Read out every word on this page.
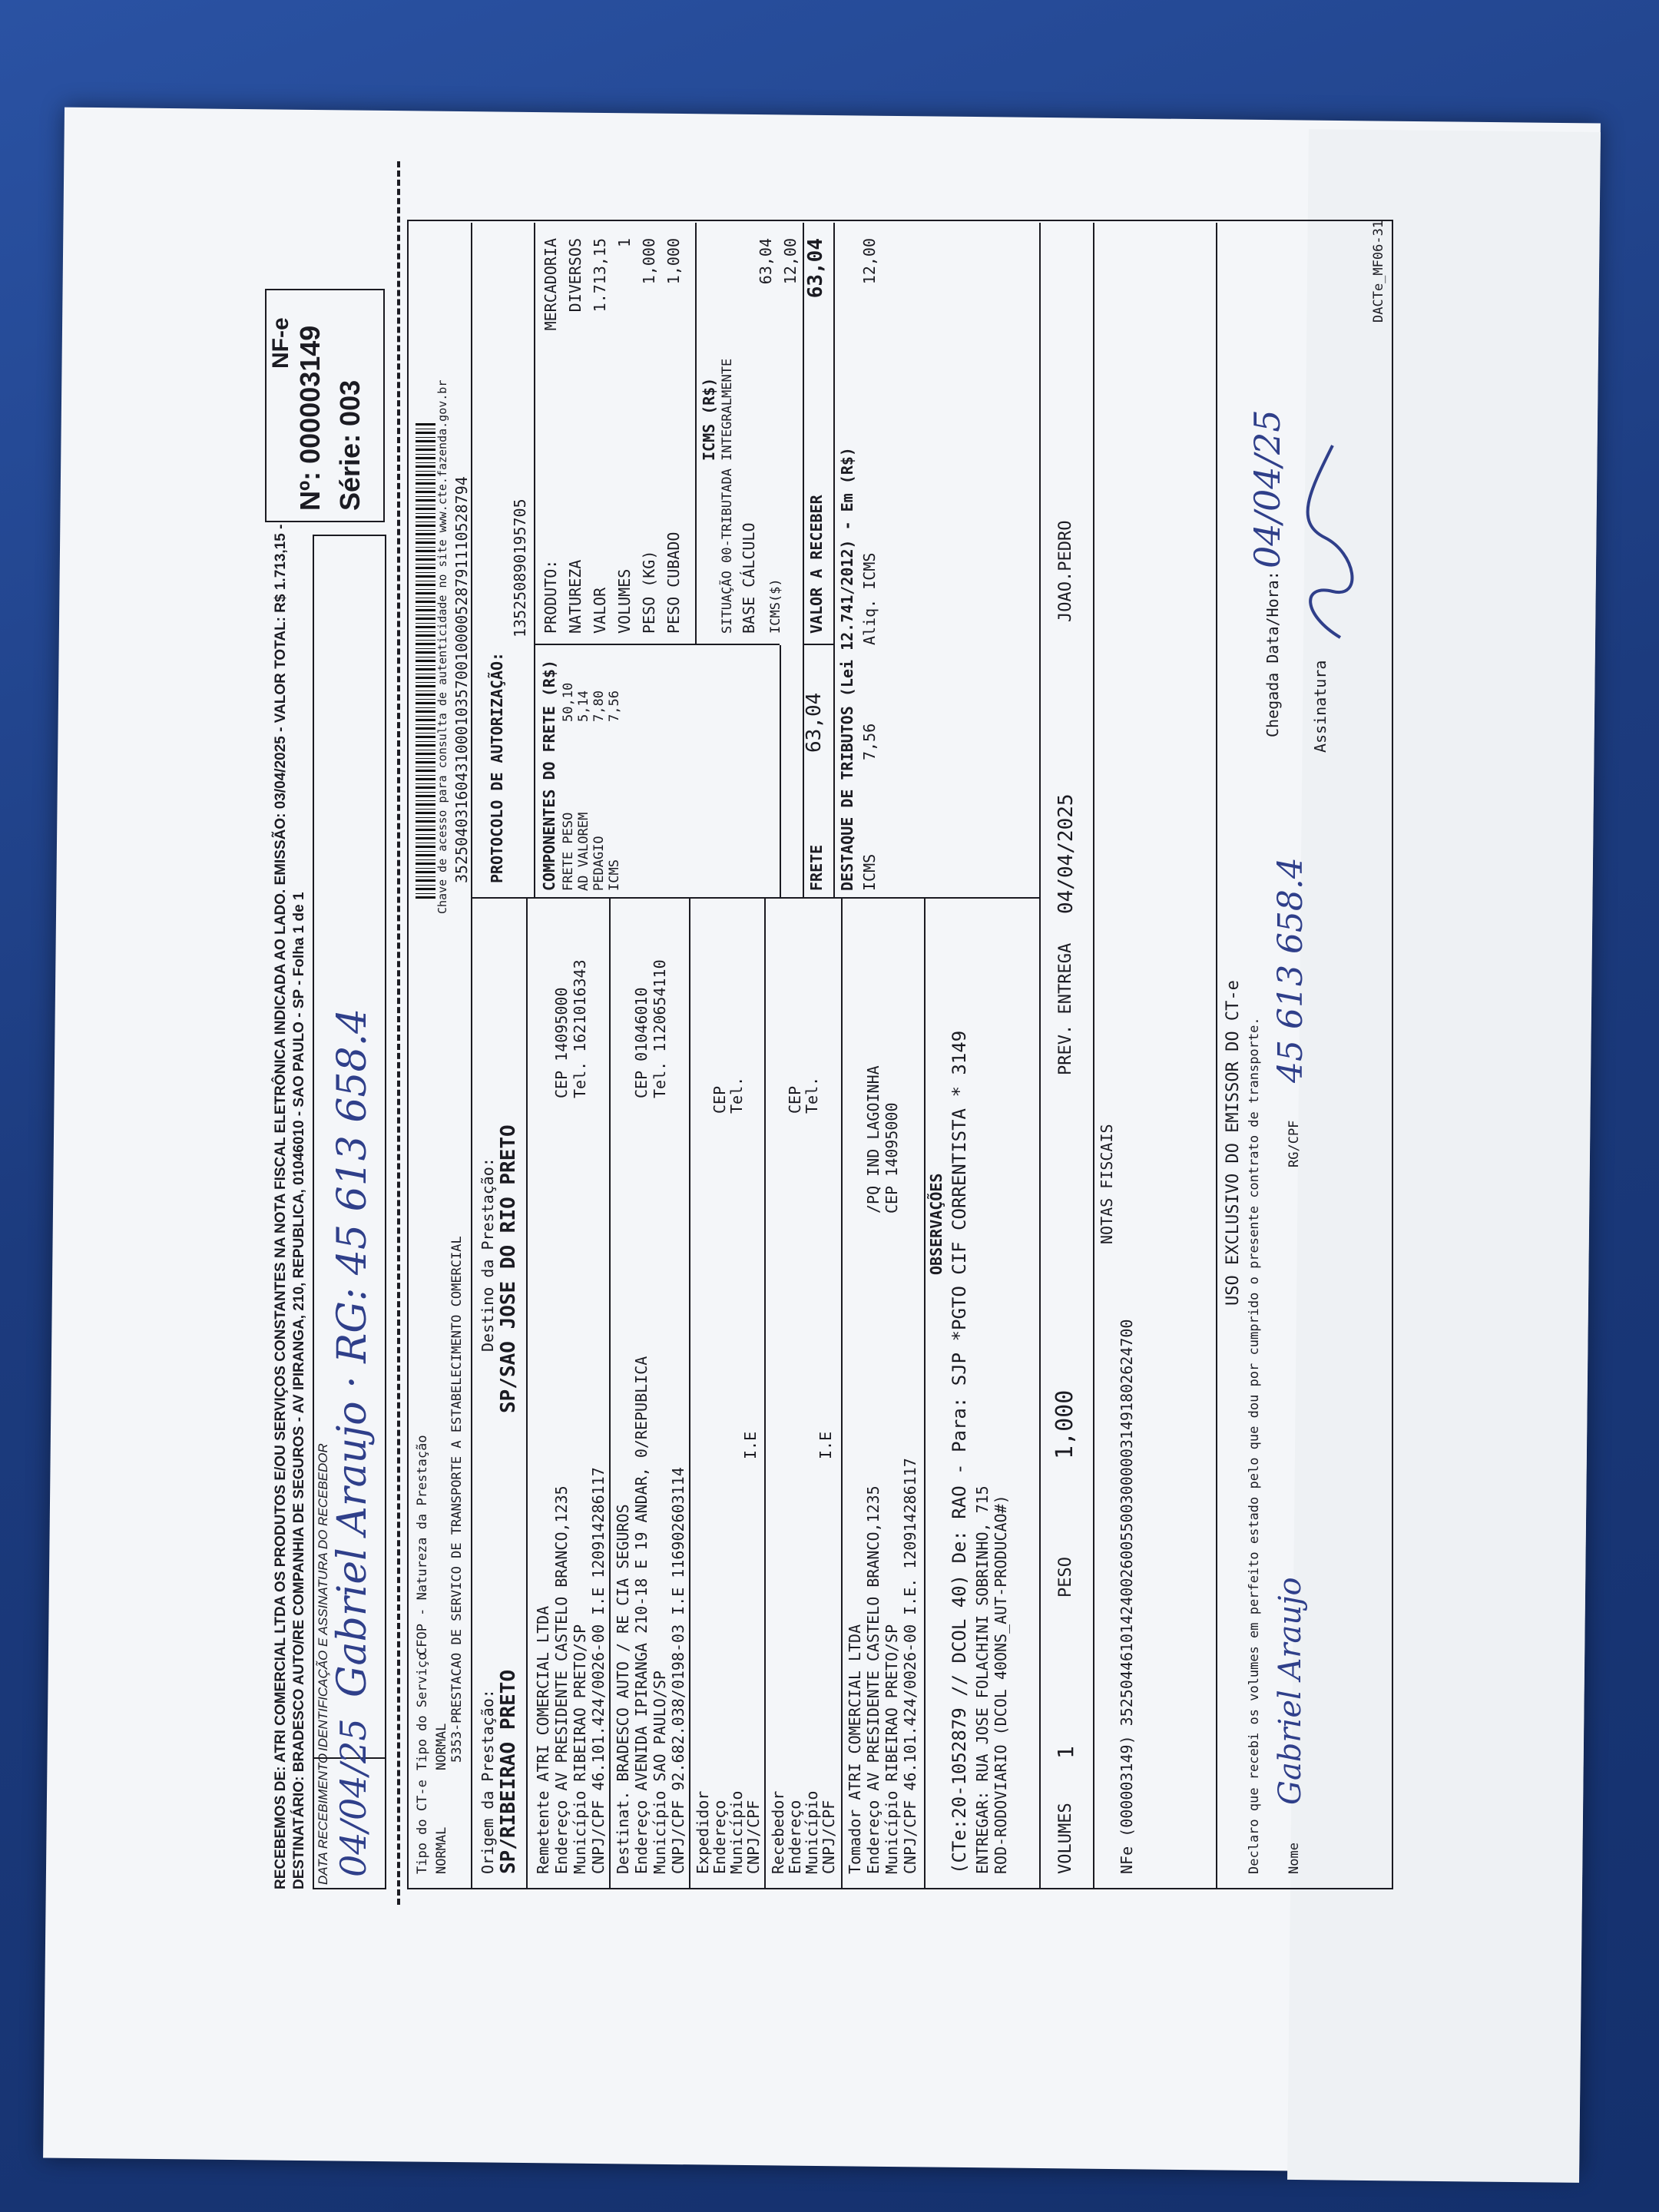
RECEBEMOS DE: ATRI COMERCIAL LTDA OS PRODUTOS E/OU SERVIÇOS CONSTANTES NA NOTA FISCAL ELETRÔNICA INDICADA AO LADO. EMISSÃO: 03/04/2025 - VALOR TOTAL: R$ 1.713,15 - DESTINATÁRIO: BRADESCO AUTO/RE COMPANHIA DE SEGUROS - AV IPIRANGA, 210, REPUBLICA, 01046010 - SAO PAULO - SP - Folha 1 de 1 DATA RECEBIMENTO
IDENTIFICAÇÃO E ASSINATURA DO RECEBEDOR
04/04/25
Gabriel Araujo · RG: 45 613 658.4
NF-e Nº: 000003149 Série: 003
Tipo do CT-e NORMAL
Tipo do Serviço NORMAL
CFOP - Natureza da Prestação 5353-PRESTACAO DE SERVICO DE TRANSPORTE A ESTABELECIMENTO COMERCIAL
Chave de acesso para consulta de autenticidade no site www.cte.fazenda.gov.br 35250403160431000103570010000528791110528794
Origem da Prestação: SP/RIBEIRAO PRETO
Destino da Prestação: SP/SAO JOSE DO RIO PRETO
PROTOCOLO DE AUTORIZAÇÃO:
135250890195705
COMPONENTES DO FRETE (R$) FRETE PESO
50,10
AD VALOREM
5,14
PEDAGIO
7,80
ICMS
7,56
PRODUTO:
MERCADORIA
NATUREZA
DIVERSOS
VALOR
1.713,15
VOLUMES
1
PESO (KG)
1,000
PESO CUBADO
1,000
ICMS (R$) SITUAÇÃO 00-TRIBUTADA INTEGRALMENTE BASE CÁLCULO
63,04
ICMS($)
12,00
FRETE
63,04
VALOR A RECEBER
63,04
DESTAQUE DE TRIBUTOS (Lei 12.741/2012) - Em (R$) ICMS
7,56
Aliq. ICMS
12,00
Remetente ATRI COMERCIAL LTDA Endereço AV PRESIDENTE CASTELO BRANCO,1235
CEP 14095000
Município RIBEIRAO PRETO/SP
Tel. 1621016343
CNPJ/CPF 46.101.424/0026-00 I.E 120914286117 Destinat. BRADESCO AUTO / RE CIA SEGUROS Endereço AVENIDA IPIRANGA 210-18 E 19 ANDAR, 0/REPUBLICA
CEP 01046010
Município SAO PAULO/SP
Tel. 1120654110
CNPJ/CPF 92.682.038/0198-03 I.E 116902603114 Expedidor
Endereço
Município
CEP
Tel.
CNPJ/CPF
I.E
Recebedor
Endereço
Município
CEP
Tel.
CNPJ/CPF
I.E
Tomador ATRI COMERCIAL LTDA Endereço AV PRESIDENTE CASTELO BRANCO,1235
/PQ IND LAGOINHA
Município RIBEIRAO PRETO/SP
CEP 14095000
CNPJ/CPF 46.101.424/0026-00 I.E. 120914286117
OBSERVAÇÕES (CTe:20-1052879 // DCOL 40) De: RAO - Para: SJP *PGTO CIF CORRENTISTA * 3149 ENTREGAR: RUA JOSE FOLACHINI SOBRINHO, 715 ROD-RODOVIARIO (DCOL 40ONS_AUT-PRODUCAO#)	VOLUMES
1
PESO
1,000
PREV. ENTREGA
04/04/2025
JOAO.PEDRO
NOTAS FISCAIS
NFe (000003149) 35250446101424002600550030000031491802624700
USO EXCLUSIVO DO EMISSOR DO CT-e Declaro que recebi os volumes em perfeito estado pelo que dou por cumprido o presente contrato de transporte.
Chegada Data/Hora:
04/04/25
Nome
Gabriel Araujo
RG/CPF
45 613 658.4
Assinatura
DACTe_MF06-31
